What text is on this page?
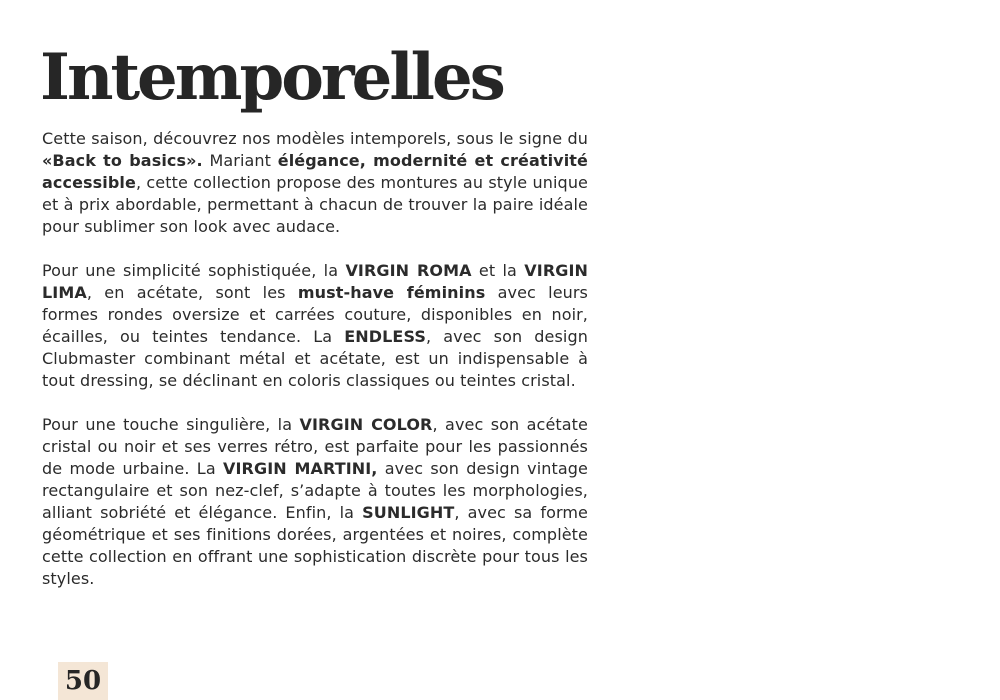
Intemporelles

Cette saison, découvrez nos modèles intemporels, sous le signe du «Back to basics». Mariant élégance, modernité et créativité accessible, cette collection propose des montures au style unique et à prix abordable, permettant à chacun de trouver la paire idéale pour sublimer son look avec audace.

Pour une simplicité sophistiquée, la VIRGIN ROMA et la VIRGIN LIMA, en acétate, sont les must-have féminins avec leurs formes rondes oversize et carrées couture, disponibles en noir, écailles, ou teintes tendance. La ENDLESS, avec son design Clubmaster combinant métal et acétate, est un indispensable à tout dressing, se déclinant en coloris classiques ou teintes cristal.

Pour une touche singulière, la VIRGIN COLOR, avec son acétate cristal ou noir et ses verres rétro, est parfaite pour les passionnés de mode urbaine. La VIRGIN MARTINI, avec son design vintage rectangulaire et son nez-clef, s’adapte à toutes les morphologies, alliant sobriété et élégance. Enfin, la SUNLIGHT, avec sa forme géométrique et ses finitions dorées, argentées et noires, complète cette collection en offrant une sophistication discrète pour tous les styles.

50
